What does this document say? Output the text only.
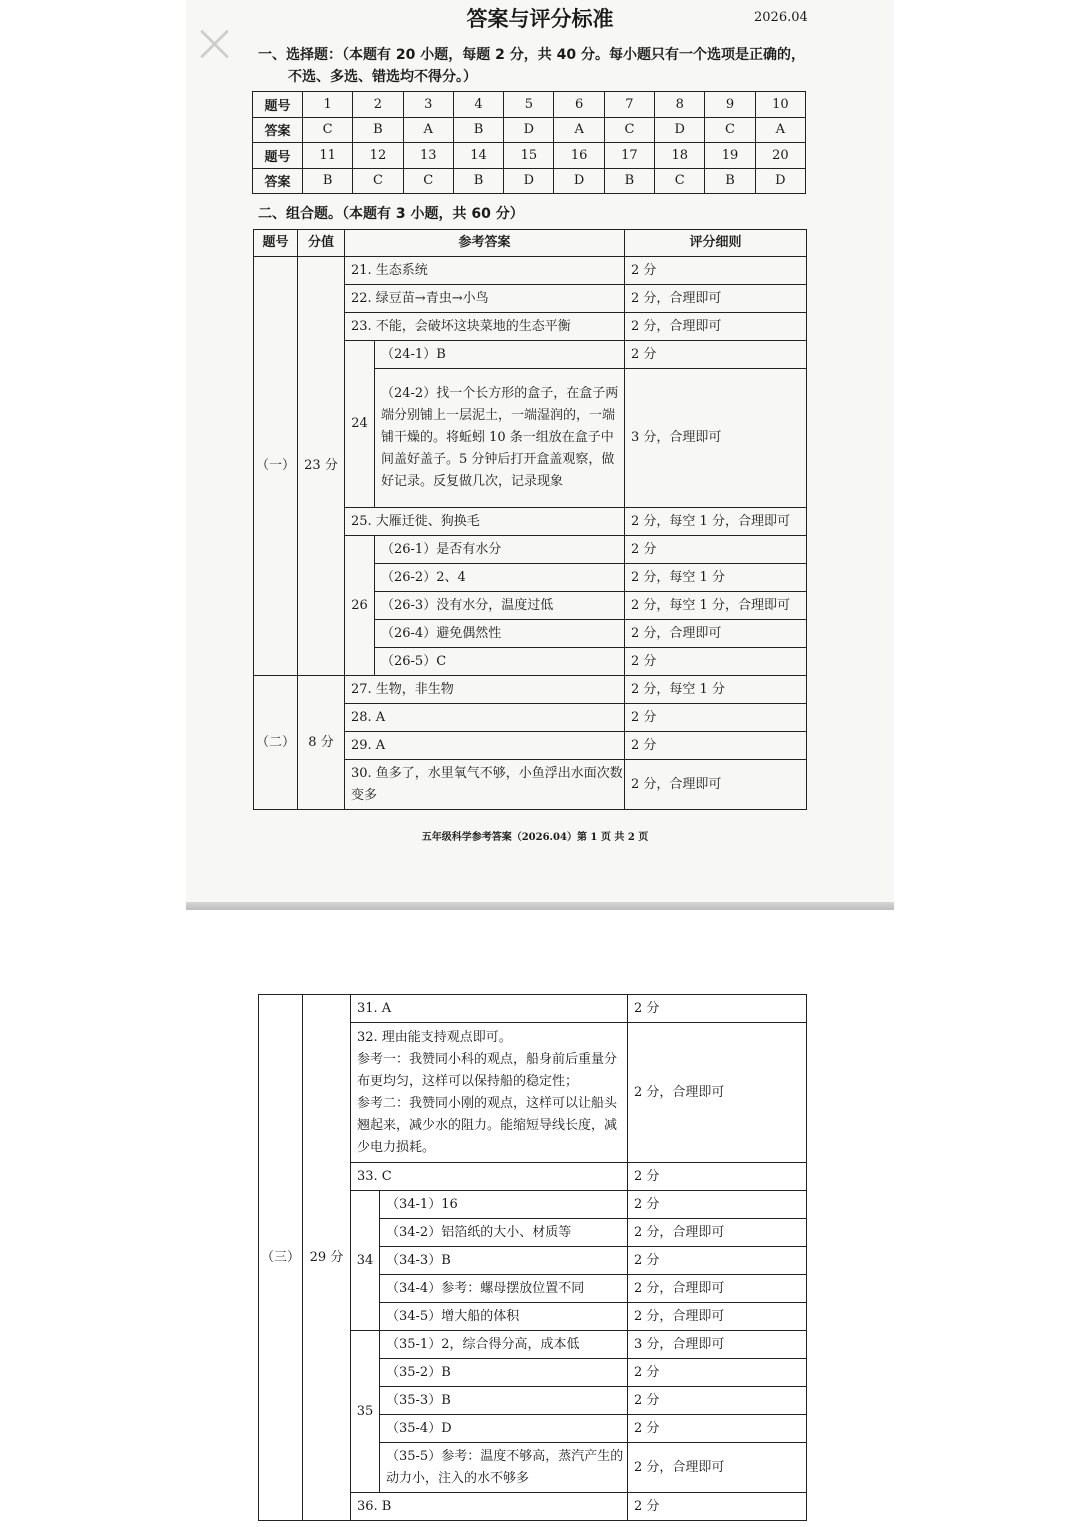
答案与评分标准	2026.04
一、选择题：（本题有 20 小题，每题 2 分，共 40 分。每小题只有一个选项是正确的，
不选、多选、错选均不得分。）
题号	1	2	3	4	5	6	7	8	9	10
答案	C	B	A	B	D	A	C	D	C	A
题号	11	12	13	14	15	16	17	18	19	20
答案	B	C	C	B	D	D	B	C	B	D
二、组合题。（本题有 3 小题，共 60 分）
题号	分值	参考答案		评分细则
（一）	23 分	21. 生态系统		2 分
		22. 绿豆苗→青虫→小鸟		2 分，合理即可
		23. 不能，会破坏这块菜地的生态平衡		2 分，合理即可
		24	（24-1）B	2 分
			（24-2）找一个长方形的盒子，在盒子两端分别铺上一层泥土，一端湿润的，一端铺干燥的。将蚯蚓 10 条一组放在盒子中间盖好盖子。5 分钟后打开盒盖观察，做好记录。反复做几次，记录现象	3 分，合理即可
		25. 大雁迁徙、狗换毛		2 分，每空 1 分，合理即可
		26	（26-1）是否有水分	2 分
			（26-2）2、4	2 分，每空 1 分
			（26-3）没有水分，温度过低	2 分，每空 1 分，合理即可
			（26-4）避免偶然性	2 分，合理即可
			（26-5）C	2 分

（二）	8 分	27. 生物，非生物		2 分，每空 1 分
		28. A		2 分
		29. A		2 分
		30. 鱼多了，水里氧气不够，小鱼浮出水面次数变多		2 分，合理即可
五年级科学参考答案（2026.04）第 1 页 共 2 页
（三）	29 分	31. A		2 分

		32. 理由能支持观点即可。
参考一：我赞同小科的观点，船身前后重量分布更均匀，这样可以保持船的稳定性；
参考二：我赞同小刚的观点，这样可以让船头翘起来，减少水的阻力。能缩短导线长度，减少电力损耗。		2 分，合理即可
		33. C		2 分
		34	（34-1）16	2 分
			（34-2）铝箔纸的大小、材质等	2 分，合理即可
			（34-3）B	2 分
			（34-4）参考：螺母摆放位置不同	2 分，合理即可
			（34-5）增大船的体积	2 分，合理即可
		35	（35-1）2，综合得分高，成本低	3 分，合理即可
			（35-2）B	2 分
			（35-3）B	2 分
			（35-4）D	2 分
			（35-5）参考：温度不够高，蒸汽产生的动力小，注入的水不够多	2 分，合理即可
		36. B		2 分
